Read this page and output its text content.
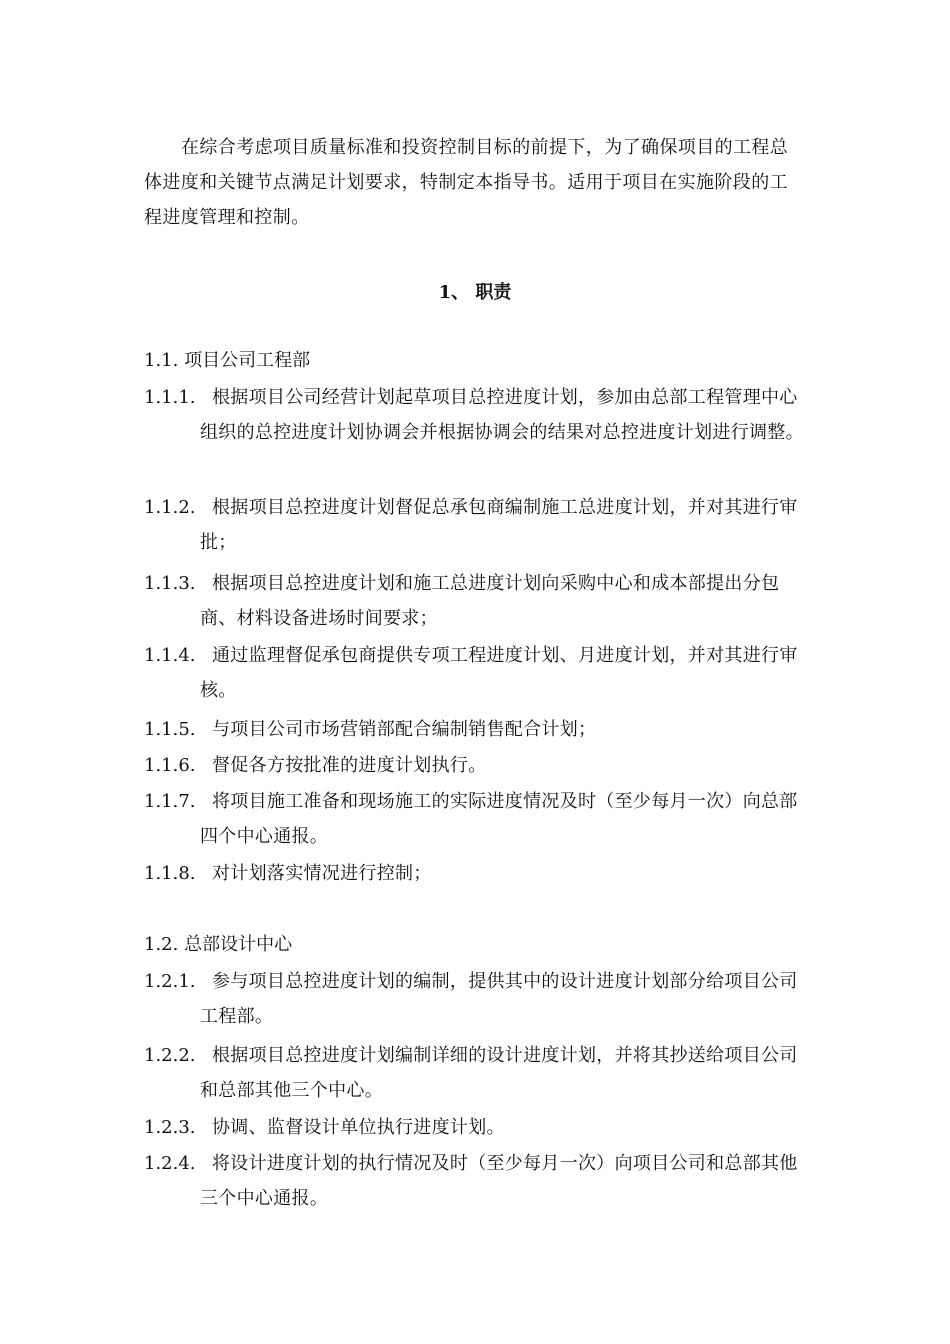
在综合考虑项目质量标准和投资控制目标的前提下，为了确保项目的工程总体进度和关键节点满足计划要求，特制定本指导书。适用于项目在实施阶段的工程进度管理和控制。

1、 职责

1.1. 项目公司工程部

1.1.1. 根据项目公司经营计划起草项目总控进度计划，参加由总部工程管理中心组织的总控进度计划协调会并根据协调会的结果对总控进度计划进行调整。
1.1.2. 根据项目总控进度计划督促总承包商编制施工总进度计划，并对其进行审批；
1.1.3. 根据项目总控进度计划和施工总进度计划向采购中心和成本部提出分包商、材料设备进场时间要求；
1.1.4. 通过监理督促承包商提供专项工程进度计划、月进度计划，并对其进行审核。
1.1.5. 与项目公司市场营销部配合编制销售配合计划；
1.1.6. 督促各方按批准的进度计划执行。
1.1.7. 将项目施工准备和现场施工的实际进度情况及时（至少每月一次）向总部四个中心通报。
1.1.8. 对计划落实情况进行控制；

1.2. 总部设计中心

1.2.1. 参与项目总控进度计划的编制，提供其中的设计进度计划部分给项目公司工程部。
1.2.2. 根据项目总控进度计划编制详细的设计进度计划，并将其抄送给项目公司和总部其他三个中心。
1.2.3. 协调、监督设计单位执行进度计划。
1.2.4. 将设计进度计划的执行情况及时（至少每月一次）向项目公司和总部其他三个中心通报。
